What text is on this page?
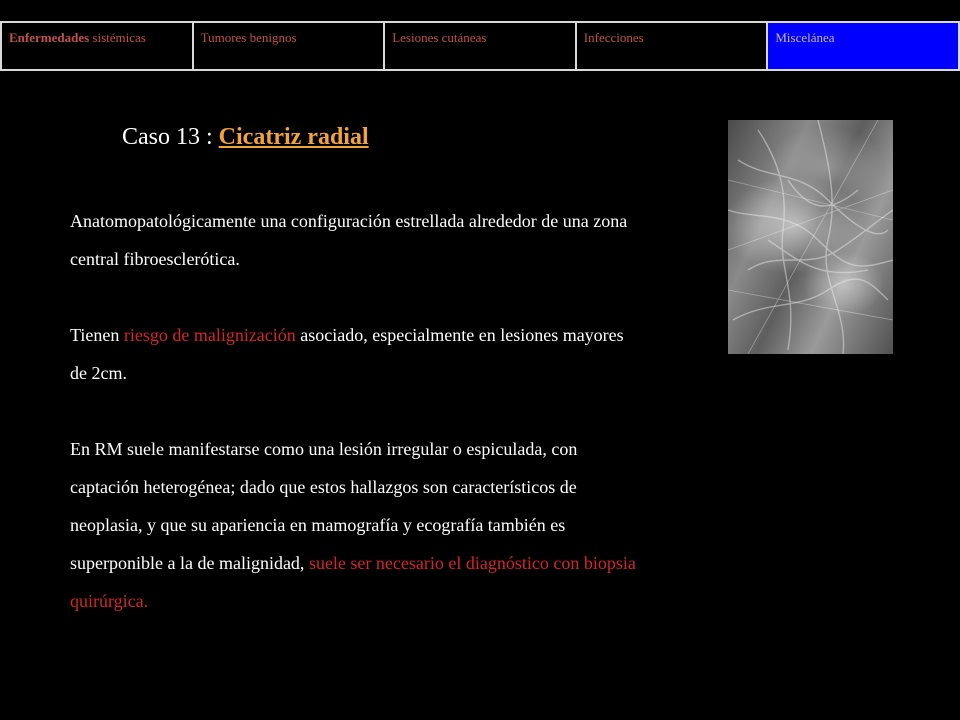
Enfermedades sistémicas	Tumores benignos	Lesiones cutáneas	Infecciones	Miscelánea
Caso 13 : Cicatriz radial

Anatomopatológicamente una configuración estrellada alrededor de una zona central fibroesclerótica.

Tienen riesgo de malignización asociado, especialmente en lesiones mayores de 2cm.

En RM suele manifestarse como una lesión irregular o espiculada, con captación heterogénea; dado que estos hallazgos son característicos de neoplasia, y que su apariencia en mamografía y ecografía también es superponible a la de malignidad, suele ser necesario el diagnóstico con biopsia quirúrgica.
